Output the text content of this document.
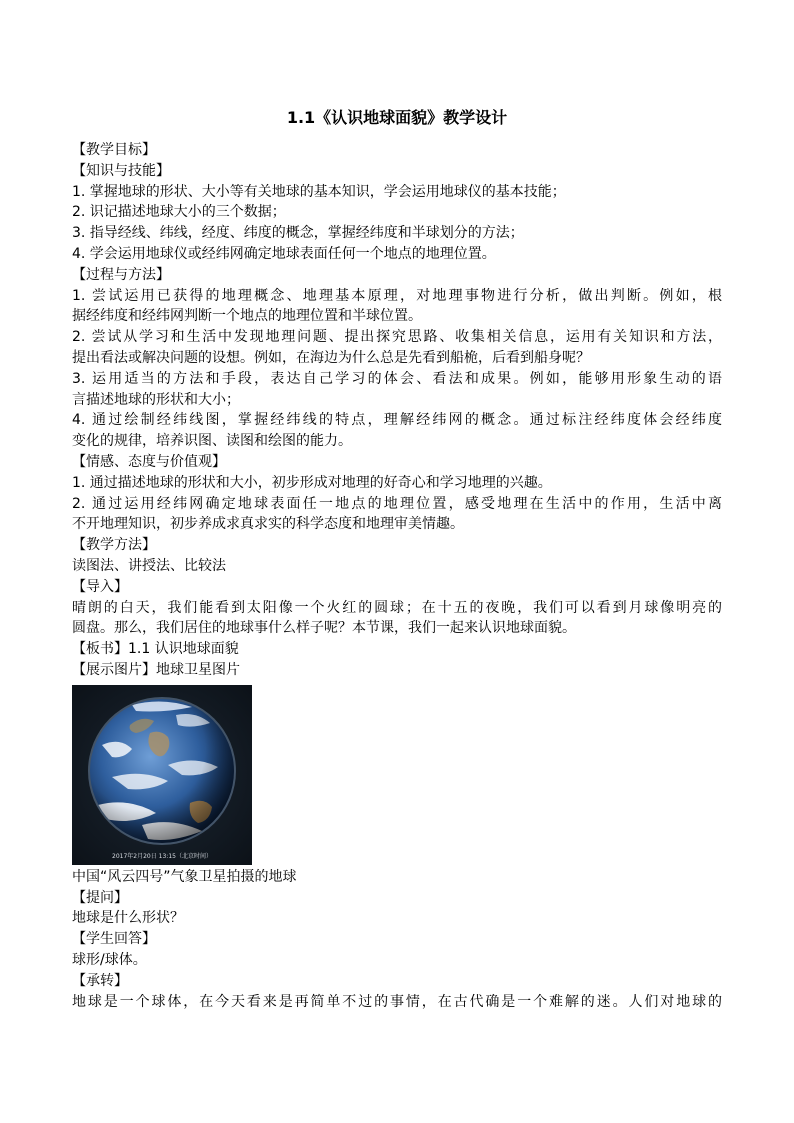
1.1《认识地球面貌》教学设计
【教学目标】
【知识与技能】
1. 掌握地球的形状、大小等有关地球的基本知识，学会运用地球仪的基本技能；
2. 识记描述地球大小的三个数据；
3. 指导经线、纬线，经度、纬度的概念，掌握经纬度和半球划分的方法；
4. 学会运用地球仪或经纬网确定地球表面任何一个地点的地理位置。
【过程与方法】
1. 尝试运用已获得的地理概念、地理基本原理，对地理事物进行分析，做出判断。例如，根
据经纬度和经纬网判断一个地点的地理位置和半球位置。
2. 尝试从学习和生活中发现地理问题、提出探究思路、收集相关信息，运用有关知识和方法，
提出看法或解决问题的设想。例如，在海边为什么总是先看到船桅，后看到船身呢？
3. 运用适当的方法和手段，表达自己学习的体会、看法和成果。例如，能够用形象生动的语
言描述地球的形状和大小；
4. 通过绘制经纬线图，掌握经纬线的特点，理解经纬网的概念。通过标注经纬度体会经纬度
变化的规律，培养识图、读图和绘图的能力。
【情感、态度与价值观】
1. 通过描述地球的形状和大小，初步形成对地理的好奇心和学习地理的兴趣。
2. 通过运用经纬网确定地球表面任一地点的地理位置，感受地理在生活中的作用，生活中离
不开地理知识，初步养成求真求实的科学态度和地理审美情趣。
【教学方法】
读图法、讲授法、比较法
【导入】
晴朗的白天，我们能看到太阳像一个火红的圆球；在十五的夜晚，我们可以看到月球像明亮的
圆盘。那么，我们居住的地球事什么样子呢？本节课，我们一起来认识地球面貌。
【板书】1.1 认识地球面貌
【展示图片】地球卫星图片
2017年2月20日 13:15（北京时间）
中国“风云四号”气象卫星拍摄的地球
【提问】
地球是什么形状？
【学生回答】
球形/球体。
【承转】
地球是一个球体，在今天看来是再简单不过的事情，在古代确是一个难解的迷。人们对地球的
